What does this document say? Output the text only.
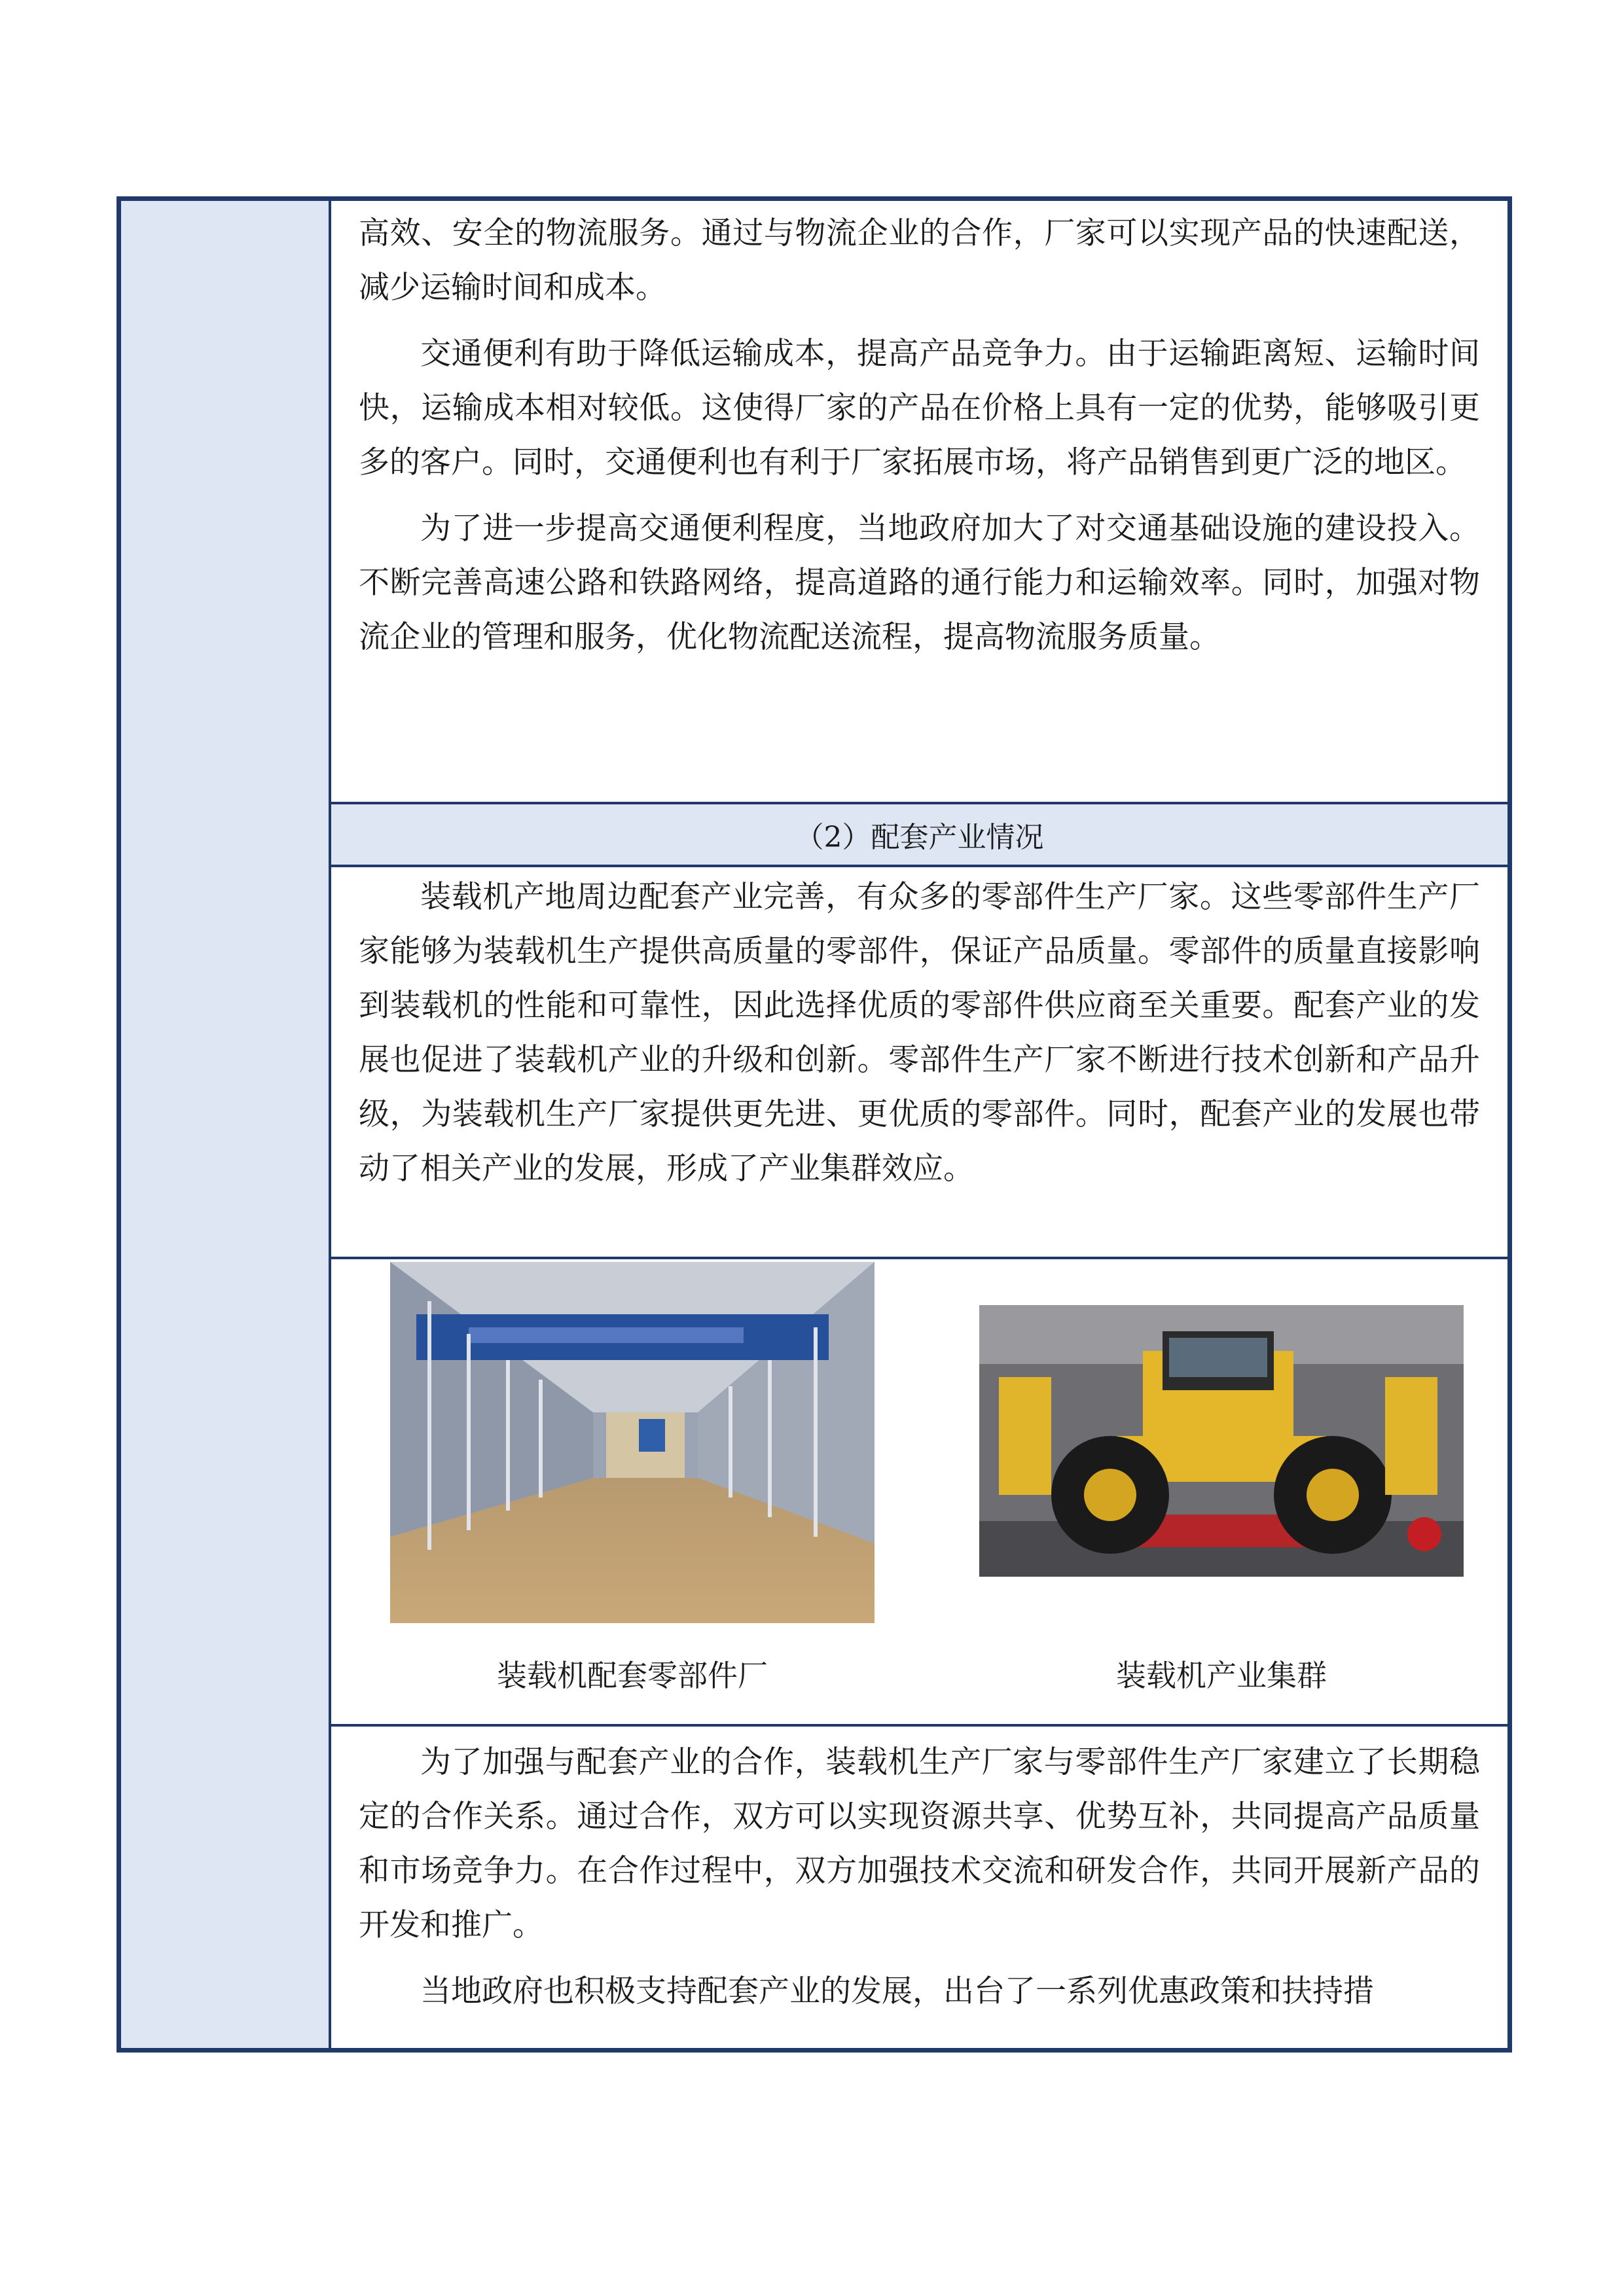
高效、安全的物流服务。通过与物流企业的合作，厂家可以实现产品的快速配送，减少运输时间和成本。

交通便利有助于降低运输成本，提高产品竞争力。由于运输距离短、运输时间快，运输成本相对较低。这使得厂家的产品在价格上具有一定的优势，能够吸引更多的客户。同时，交通便利也有利于厂家拓展市场，将产品销售到更广泛的地区。

为了进一步提高交通便利程度，当地政府加大了对交通基础设施的建设投入。不断完善高速公路和铁路网络，提高道路的通行能力和运输效率。同时，加强对物流企业的管理和服务，优化物流配送流程，提高物流服务质量。

（2）配套产业情况

装载机产地周边配套产业完善，有众多的零部件生产厂家。这些零部件生产厂家能够为装载机生产提供高质量的零部件，保证产品质量。零部件的质量直接影响到装载机的性能和可靠性，因此选择优质的零部件供应商至关重要。配套产业的发展也促进了装载机产业的升级和创新。零部件生产厂家不断进行技术创新和产品升级，为装载机生产厂家提供更先进、更优质的零部件。同时，配套产业的发展也带动了相关产业的发展，形成了产业集群效应。

装载机配套零部件厂	装载机产业集群

为了加强与配套产业的合作，装载机生产厂家与零部件生产厂家建立了长期稳定的合作关系。通过合作，双方可以实现资源共享、优势互补，共同提高产品质量和市场竞争力。在合作过程中，双方加强技术交流和研发合作，共同开展新产品的开发和推广。

当地政府也积极支持配套产业的发展，出台了一系列优惠政策和扶持措
